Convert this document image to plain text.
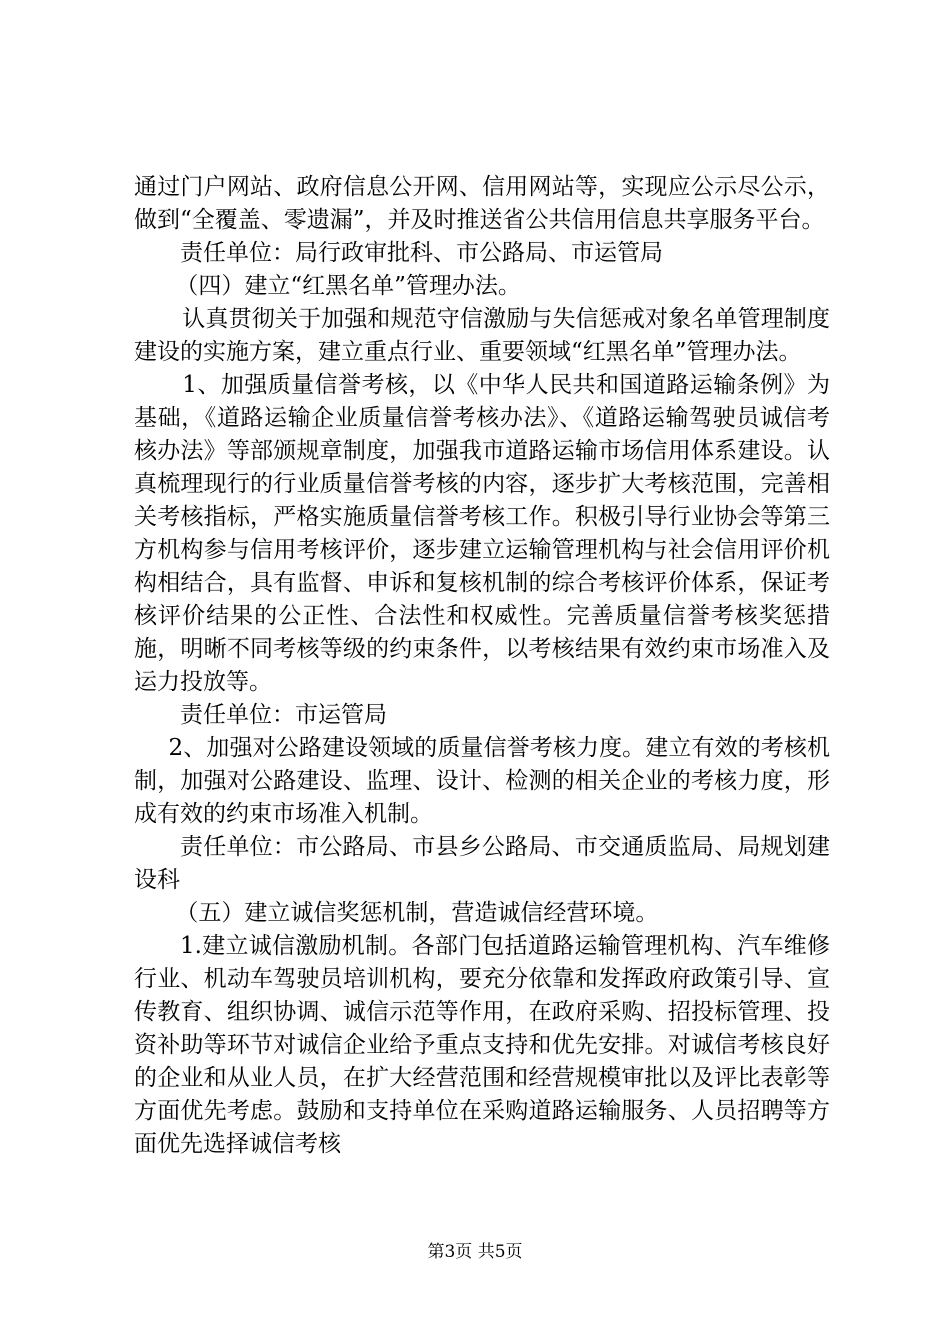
通过门户网站、政府信息公开网、信用网站等，实现应公示尽公示，做到“全覆盖、零遗漏”，并及时推送省公共信用信息共享服务平台。

责任单位：局行政审批科、市公路局、市运管局

（四）建立“红黑名单”管理办法。

认真贯彻关于加强和规范守信激励与失信惩戒对象名单管理制度建设的实施方案，建立重点行业、重要领域“红黑名单”管理办法。

1、加强质量信誉考核，以《中华人民共和国道路运输条例》为基础，《道路运输企业质量信誉考核办法》、《道路运输驾驶员诚信考核办法》等部颁规章制度，加强我市道路运输市场信用体系建设。认真梳理现行的行业质量信誉考核的内容，逐步扩大考核范围，完善相关考核指标，严格实施质量信誉考核工作。积极引导行业协会等第三方机构参与信用考核评价，逐步建立运输管理机构与社会信用评价机构相结合，具有监督、申诉和复核机制的综合考核评价体系，保证考核评价结果的公正性、合法性和权威性。完善质量信誉考核奖惩措施，明晰不同考核等级的约束条件，以考核结果有效约束市场准入及运力投放等。

责任单位：市运管局

2、加强对公路建设领域的质量信誉考核力度。建立有效的考核机制，加强对公路建设、监理、设计、检测的相关企业的考核力度，形成有效的约束市场准入机制。

责任单位：市公路局、市县乡公路局、市交通质监局、局规划建设科

（五）建立诚信奖惩机制，营造诚信经营环境。

1.建立诚信激励机制。各部门包括道路运输管理机构、汽车维修行业、机动车驾驶员培训机构，要充分依靠和发挥政府政策引导、宣传教育、组织协调、诚信示范等作用，在政府采购、招投标管理、投资补助等环节对诚信企业给予重点支持和优先安排。对诚信考核良好的企业和从业人员，在扩大经营范围和经营规模审批以及评比表彰等方面优先考虑。鼓励和支持单位在采购道路运输服务、人员招聘等方面优先选择诚信考核

第3页 共5页
